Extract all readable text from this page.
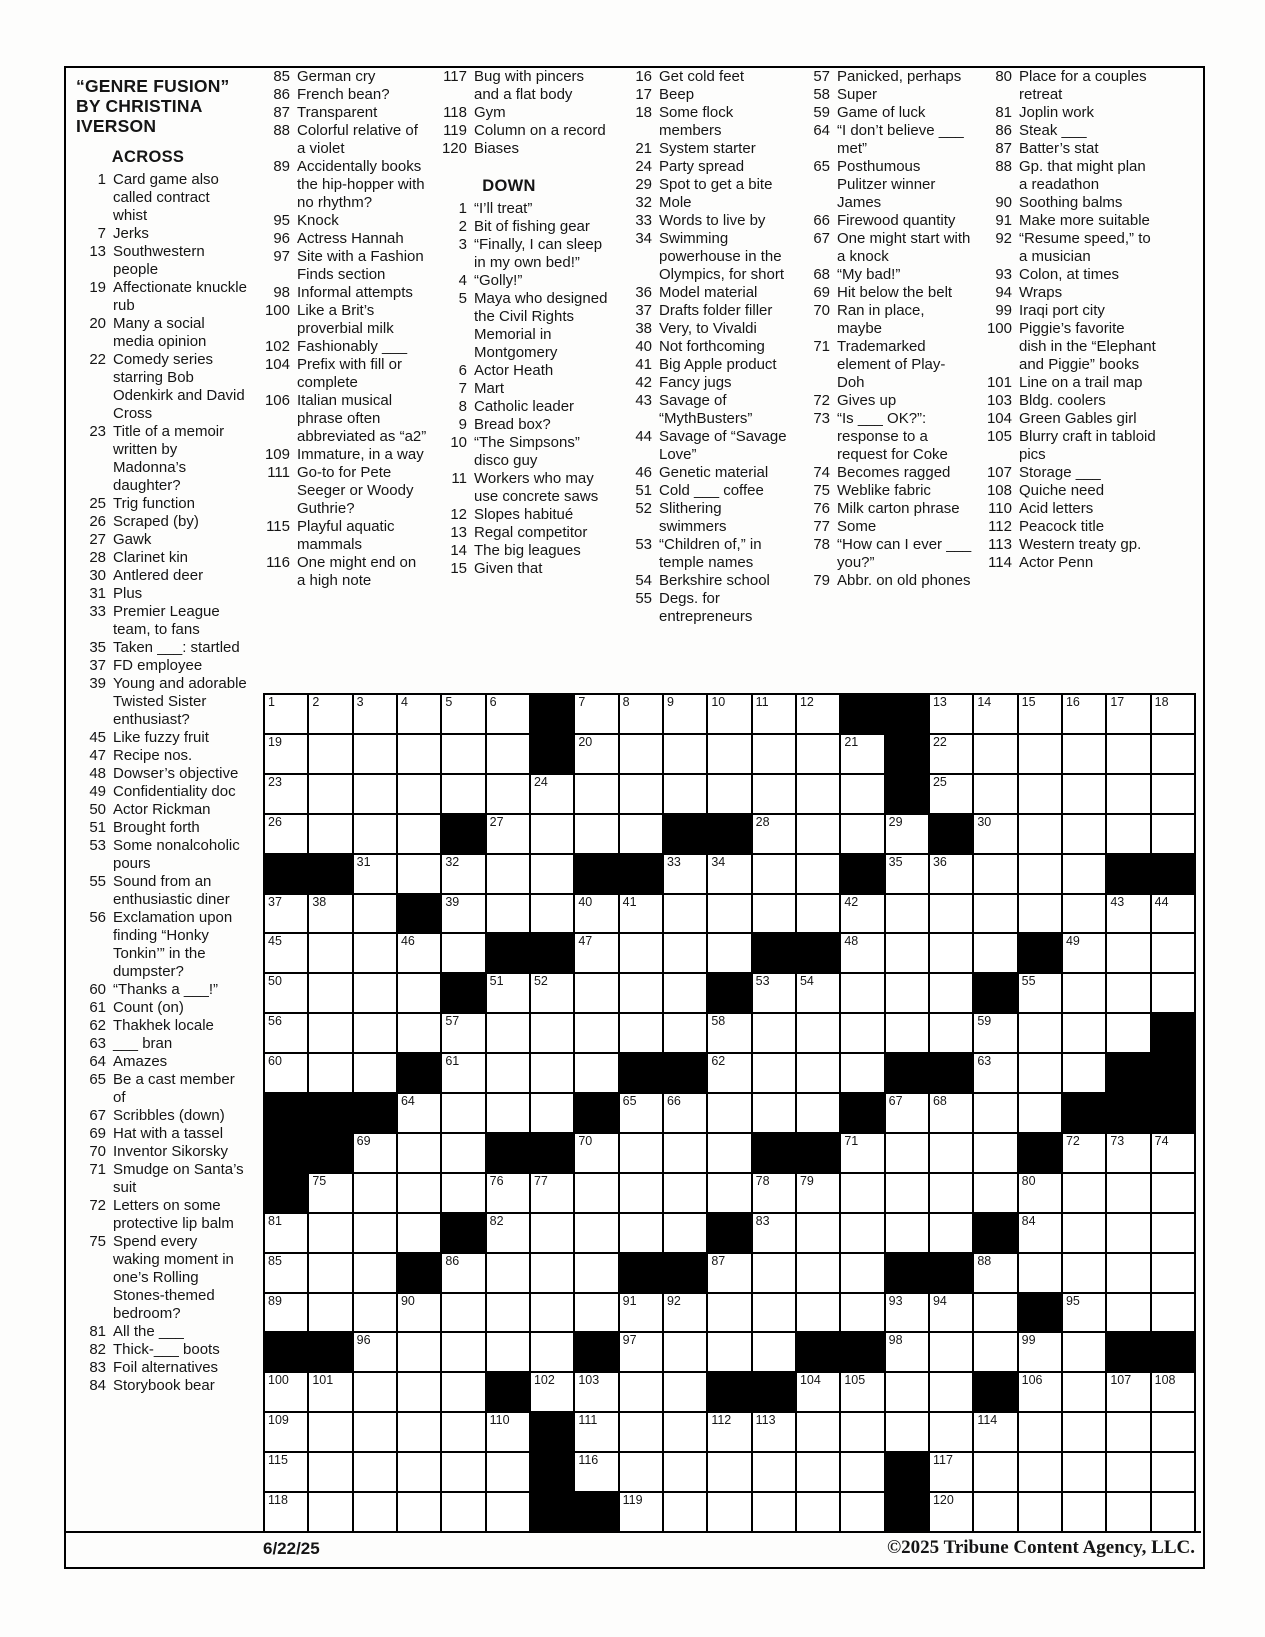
“GENRE FUSION”
BY CHRISTINA
IVERSON
ACROSS
1 Card game also called contract whist
7 Jerks
13 Southwestern people
19 Affectionate knuckle rub
20 Many a social media opinion
22 Comedy series starring Bob Odenkirk and David Cross
23 Title of a memoir written by Madonna’s daughter?
25 Trig function
26 Scraped (by)
27 Gawk
28 Clarinet kin
30 Antlered deer
31 Plus
33 Premier League team, to fans
35 Taken ___: startled
37 FD employee
39 Young and adorable Twisted Sister enthusiast?
45 Like fuzzy fruit
47 Recipe nos.
48 Dowser’s objective
49 Confidentiality doc
50 Actor Rickman
51 Brought forth
53 Some nonalcoholic pours
55 Sound from an enthusiastic diner
56 Exclamation upon finding “Honky Tonkin’” in the dumpster?
60 “Thanks a ___!”
61 Count (on)
62 Thakhek locale
63 ___ bran
64 Amazes
65 Be a cast member of
67 Scribbles (down)
69 Hat with a tassel
70 Inventor Sikorsky
71 Smudge on Santa’s suit
72 Letters on some protective lip balm
75 Spend every waking moment in one’s Rolling Stones-themed bedroom?
81 All the ___
82 Thick-___ boots
83 Foil alternatives
84 Storybook bear
85 German cry
86 French bean?
87 Transparent
88 Colorful relative of a violet
89 Accidentally books the hip-hopper with no rhythm?
95 Knock
96 Actress Hannah
97 Site with a Fashion Finds section
98 Informal attempts
100 Like a Brit’s proverbial milk
102 Fashionably ___
104 Prefix with fill or complete
106 Italian musical phrase often abbreviated as “a2”
109 Immature, in a way
111 Go-to for Pete Seeger or Woody Guthrie?
115 Playful aquatic mammals
116 One might end on a high note
117 Bug with pincers and a flat body
118 Gym
119 Column on a record
120 Biases
DOWN
1 “I’ll treat”
2 Bit of fishing gear
3 “Finally, I can sleep in my own bed!”
4 “Golly!”
5 Maya who designed the Civil Rights Memorial in Montgomery
6 Actor Heath
7 Mart
8 Catholic leader
9 Bread box?
10 “The Simpsons” disco guy
11 Workers who may use concrete saws
12 Slopes habitué
13 Regal competitor
14 The big leagues
15 Given that
16 Get cold feet
17 Beep
18 Some flock members
21 System starter
24 Party spread
29 Spot to get a bite
32 Mole
33 Words to live by
34 Swimming powerhouse in the Olympics, for short
36 Model material
37 Drafts folder filler
38 Very, to Vivaldi
40 Not forthcoming
41 Big Apple product
42 Fancy jugs
43 Savage of “MythBusters”
44 Savage of “Savage Love”
46 Genetic material
51 Cold ___ coffee
52 Slithering swimmers
53 “Children of,” in temple names
54 Berkshire school
55 Degs. for entrepreneurs
57 Panicked, perhaps
58 Super
59 Game of luck
64 “I don’t believe ___ met”
65 Posthumous Pulitzer winner James
66 Firewood quantity
67 One might start with a knock
68 “My bad!”
69 Hit below the belt
70 Ran in place, maybe
71 Trademarked element of Play-Doh
72 Gives up
73 “Is ___ OK?”: response to a request for Coke
74 Becomes ragged
75 Weblike fabric
76 Milk carton phrase
77 Some
78 “How can I ever ___ you?”
79 Abbr. on old phones
80 Place for a couples retreat
81 Joplin work
86 Steak ___
87 Batter’s stat
88 Gp. that might plan a readathon
90 Soothing balms
91 Make more suitable
92 “Resume speed,” to a musician
93 Colon, at times
94 Wraps
99 Iraqi port city
100 Piggie’s favorite dish in the “Elephant and Piggie” books
101 Line on a trail map
103 Bldg. coolers
104 Green Gables girl
105 Blurry craft in tabloid pics
107 Storage ___
108 Quiche need
110 Acid letters
112 Peacock title
113 Western treaty gp.
114 Actor Penn
1	2	3	4	5	6	7	8	9	10 11	12	13 14 15 16 17 18
19	20	21	22
23	24	25
26	27	28	29	30
31	32	33 34	35 36
37 38	39	40 41	42	43 44
45	46	47	48	49
50	51 52	53 54	55
56	57	58	59
60	61	62	63
64	65 66	67 68
69	70	71	72 73 74
75	76 77	78 79	80
81	82	83	84
85	86	87	88
89	90	91 92	93 94	95
96	97	98	99
100 101	102 103	104 105	106	107 108
109	110	111	112 113	114
115	116	117
118	119	120
6/22/25	©2025 Tribune Content Agency, LLC.
